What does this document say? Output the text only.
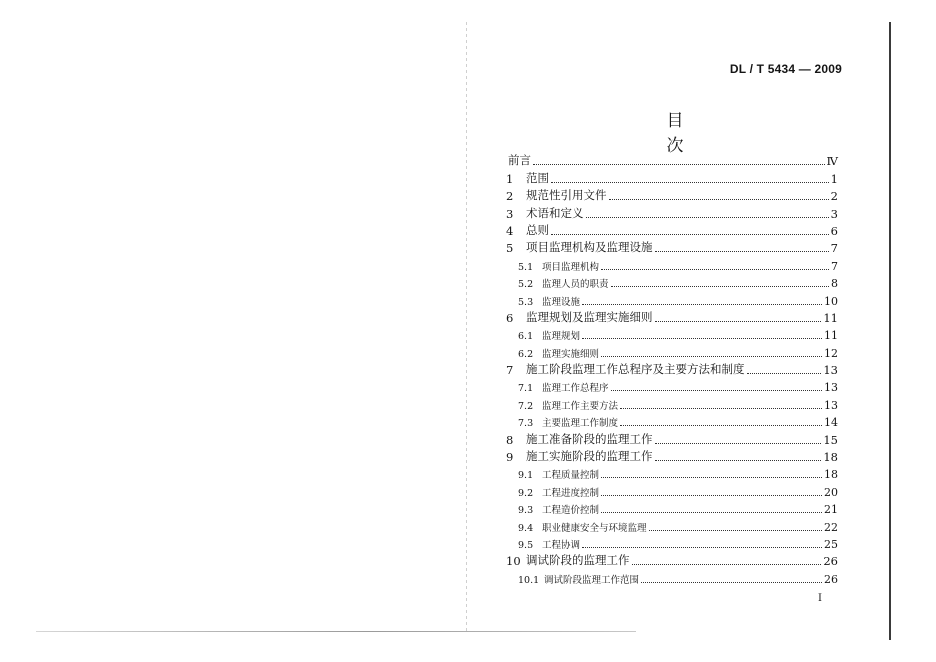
DL / T 5434 — 2009
目次
前言	Ⅳ
1	范围	1
2	规范性引用文件	2
3	术语和定义	3
4	总则	6
5	项目监理机构及监理设施	7
5.1 项目监理机构	7
5.2 监理人员的职责	8
5.3 监理设施	10
6	监理规划及监理实施细则	11
6.1 监理规划	11
6.2 监理实施细则	12
7	施工阶段监理工作总程序及主要方法和制度	13
7.1 监理工作总程序	13
7.2 监理工作主要方法	13
7.3 主要监理工作制度	14
8	施工准备阶段的监理工作	15
9	施工实施阶段的监理工作	18
9.1 工程质量控制	18
9.2 工程进度控制	20
9.3 工程造价控制	21
9.4 职业健康安全与环境监理	22
9.5 工程协调	25
10 调试阶段的监理工作	26
10.1 调试阶段监理工作范围	26
I
